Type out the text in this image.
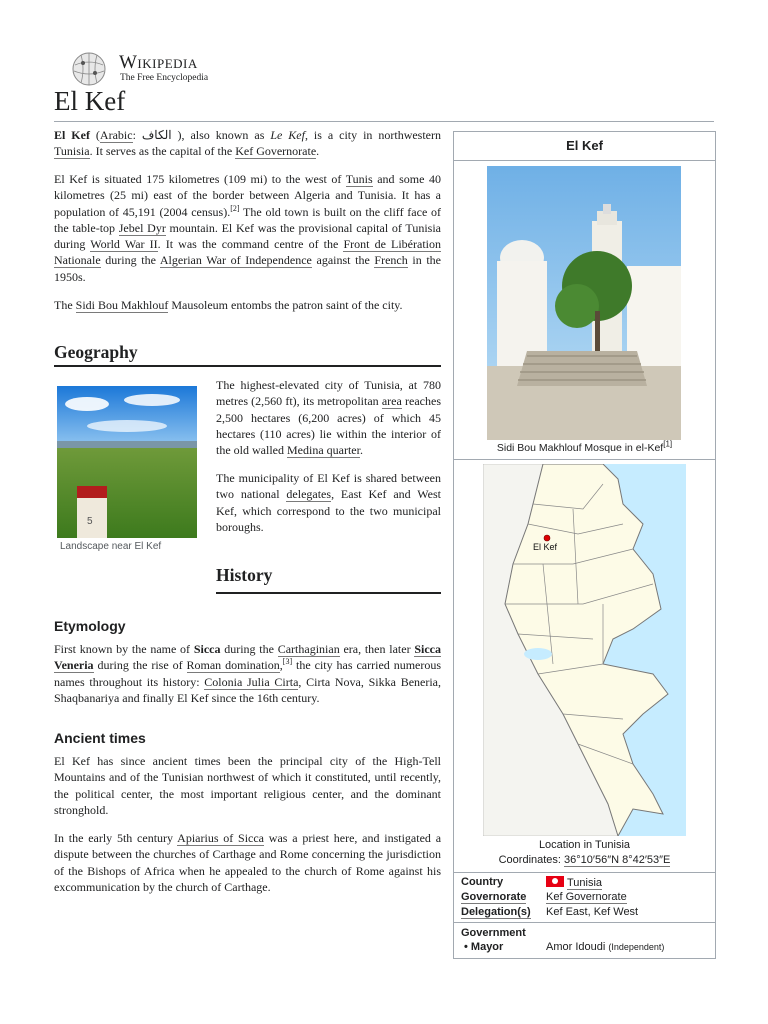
Wikipedia
The Free Encyclopedia
El Kef

El Kef (Arabic: الكاف ), also known as Le Kef, is a city in northwestern Tunisia. It serves as the capital of the Kef Governorate.

El Kef is situated 175 kilometres (109 mi) to the west of Tunis and some 40 kilometres (25 mi) east of the border between Algeria and Tunisia. It has a population of 45,191 (2004 census).[2] The old town is built on the cliff face of the table-top Jebel Dyr mountain. El Kef was the provisional capital of Tunisia during World War II. It was the command centre of the Front de Libération Nationale during the Algerian War of Independence against the French in the 1950s.

The Sidi Bou Makhlouf Mausoleum entombs the patron saint of the city.

Geography
5
Landscape near El Kef

The highest-elevated city of Tunisia, at 780 metres (2,560 ft), its metropolitan area reaches 2,500 hectares (6,200 acres) of which 45 hectares (110 acres) lie within the interior of the old walled Medina quarter.

The municipality of El Kef is shared between two national delegates, East Kef and West Kef, which correspond to the two municipal boroughs.

History
Etymology

First known by the name of Sicca during the Carthaginian era, then later Sicca Veneria during the rise of Roman domination,[3] the city has carried numerous names throughout its history: Colonia Julia Cirta, Cirta Nova, Sikka Beneria, Shaqbanariya and finally El Kef since the 16th century.

Ancient times

El Kef has since ancient times been the principal city of the High-Tell Mountains and of the Tunisian northwest of which it constituted, until recently, the political center, the most important religious center, and the dominant stronghold.

In the early 5th century Apiarius of Sicca was a priest here, and instigated a dispute between the churches of Carthage and Rome concerning the jurisdiction of the Bishops of Africa when he appealed to the church of Rome against his excommunication by the church of Carthage.

El Kef
Sidi Bou Makhlouf Mosque in el-Kef[1]
El Kef
Location in Tunisia
Coordinates: 36°10′56″N 8°42′53″E
Country	Tunisia
Governorate Kef Governorate
Delegation(s) Kef East, Kef West
Government
• Mayor	Amor Idoudi (Independent)
